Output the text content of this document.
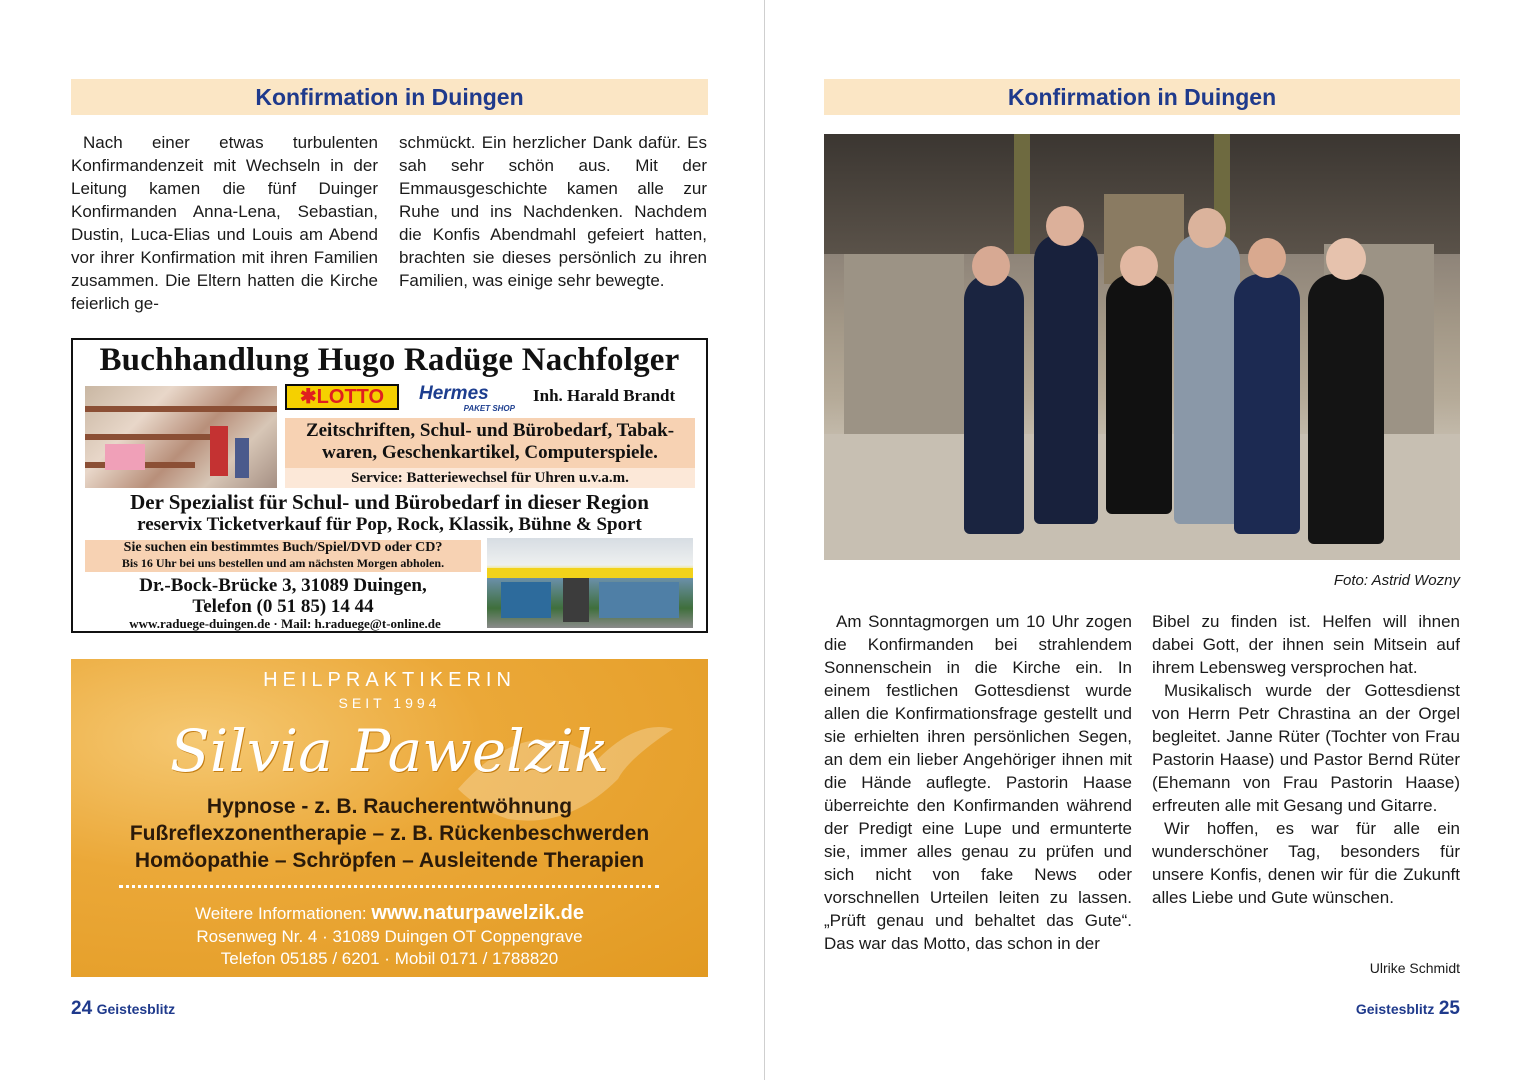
Konfirmation in Duingen

Nach einer etwas turbulenten Konfirmandenzeit mit Wechseln in der Leitung kamen die fünf Duinger Konfirmanden Anna-Lena, Sebastian, Dustin, Luca-Elias und Louis am Abend vor ihrer Konfirmation mit ihren Familien zusammen. Die Eltern hatten die Kirche feierlich ge-

schmückt. Ein herzlicher Dank dafür. Es sah sehr schön aus. Mit der Emmausgeschichte kamen alle zur Ruhe und ins Nachdenken. Nachdem die Konfis Abendmahl gefeiert hatten, brachten sie dieses persönlich zu ihren Familien, was einige sehr bewegte.

Buchhandlung Hugo Radüge Nachfolger
✱LOTTO	Hermes
PAKET SHOP
Inh. Harald Brandt
Zeitschriften, Schul- und Bürobedarf, Tabak-
waren, Geschenkartikel, Computerspiele.
Service: Batteriewechsel für Uhren u.v.a.m.
Der Spezialist für Schul- und Bürobedarf in dieser Region
reservix Ticketverkauf für Pop, Rock, Klassik, Bühne & Sport
Sie suchen ein bestimmtes Buch/Spiel/DVD oder CD?
Bis 16 Uhr bei uns bestellen und am nächsten Morgen abholen.
Dr.-Bock-Brücke 3, 31089 Duingen,
Telefon (0 51 85) 14 44
www.raduege-duingen.de · Mail: h.raduege@t-online.de
HEILPRAKTIKERIN
SEIT 1994
Silvia Pawelzik
Hypnose - z. B. Raucherentwöhnung
Fußreflexzonentherapie – z. B. Rückenbeschwerden
Homöopathie – Schröpfen – Ausleitende Therapien
Weitere Informationen: www.naturpawelzik.de
Rosenweg Nr. 4 · 31089 Duingen OT Coppengrave
Telefon 05185 / 6201 · Mobil 0171 / 1788820
24 Geistesblitz
Konfirmation in Duingen
Foto: Astrid Wozny

Am Sonntagmorgen um 10 Uhr zogen die Konfirmanden bei strahlendem Sonnenschein in die Kirche ein. In einem festlichen Gottesdienst wurde allen die Konfirmationsfrage gestellt und sie erhielten ihren persönlichen Segen, an dem ein lieber Angehöriger ihnen mit die Hände auflegte. Pastorin Haase überreichte den Konfirmanden während der Predigt eine Lupe und ermunterte sie, immer alles genau zu prüfen und sich nicht von fake News oder vorschnellen Urteilen leiten zu lassen. „Prüft genau und behaltet das Gute“. Das war das Motto, das schon in der

Bibel zu finden ist. Helfen will ihnen dabei Gott, der ihnen sein Mitsein auf ihrem Lebensweg versprochen hat.

Musikalisch wurde der Gottesdienst von Herrn Petr Chrastina an der Orgel begleitet. Janne Rüter (Tochter von Frau Pastorin Haase) und Pastor Bernd Rüter (Ehemann von Frau Pastorin Haase) erfreuten alle mit Gesang und Gitarre.

Wir hoffen, es war für alle ein wunderschöner Tag, besonders für unsere Konfis, denen wir für die Zukunft alles Liebe und Gute wünschen.

Ulrike Schmidt
Geistesblitz 25
